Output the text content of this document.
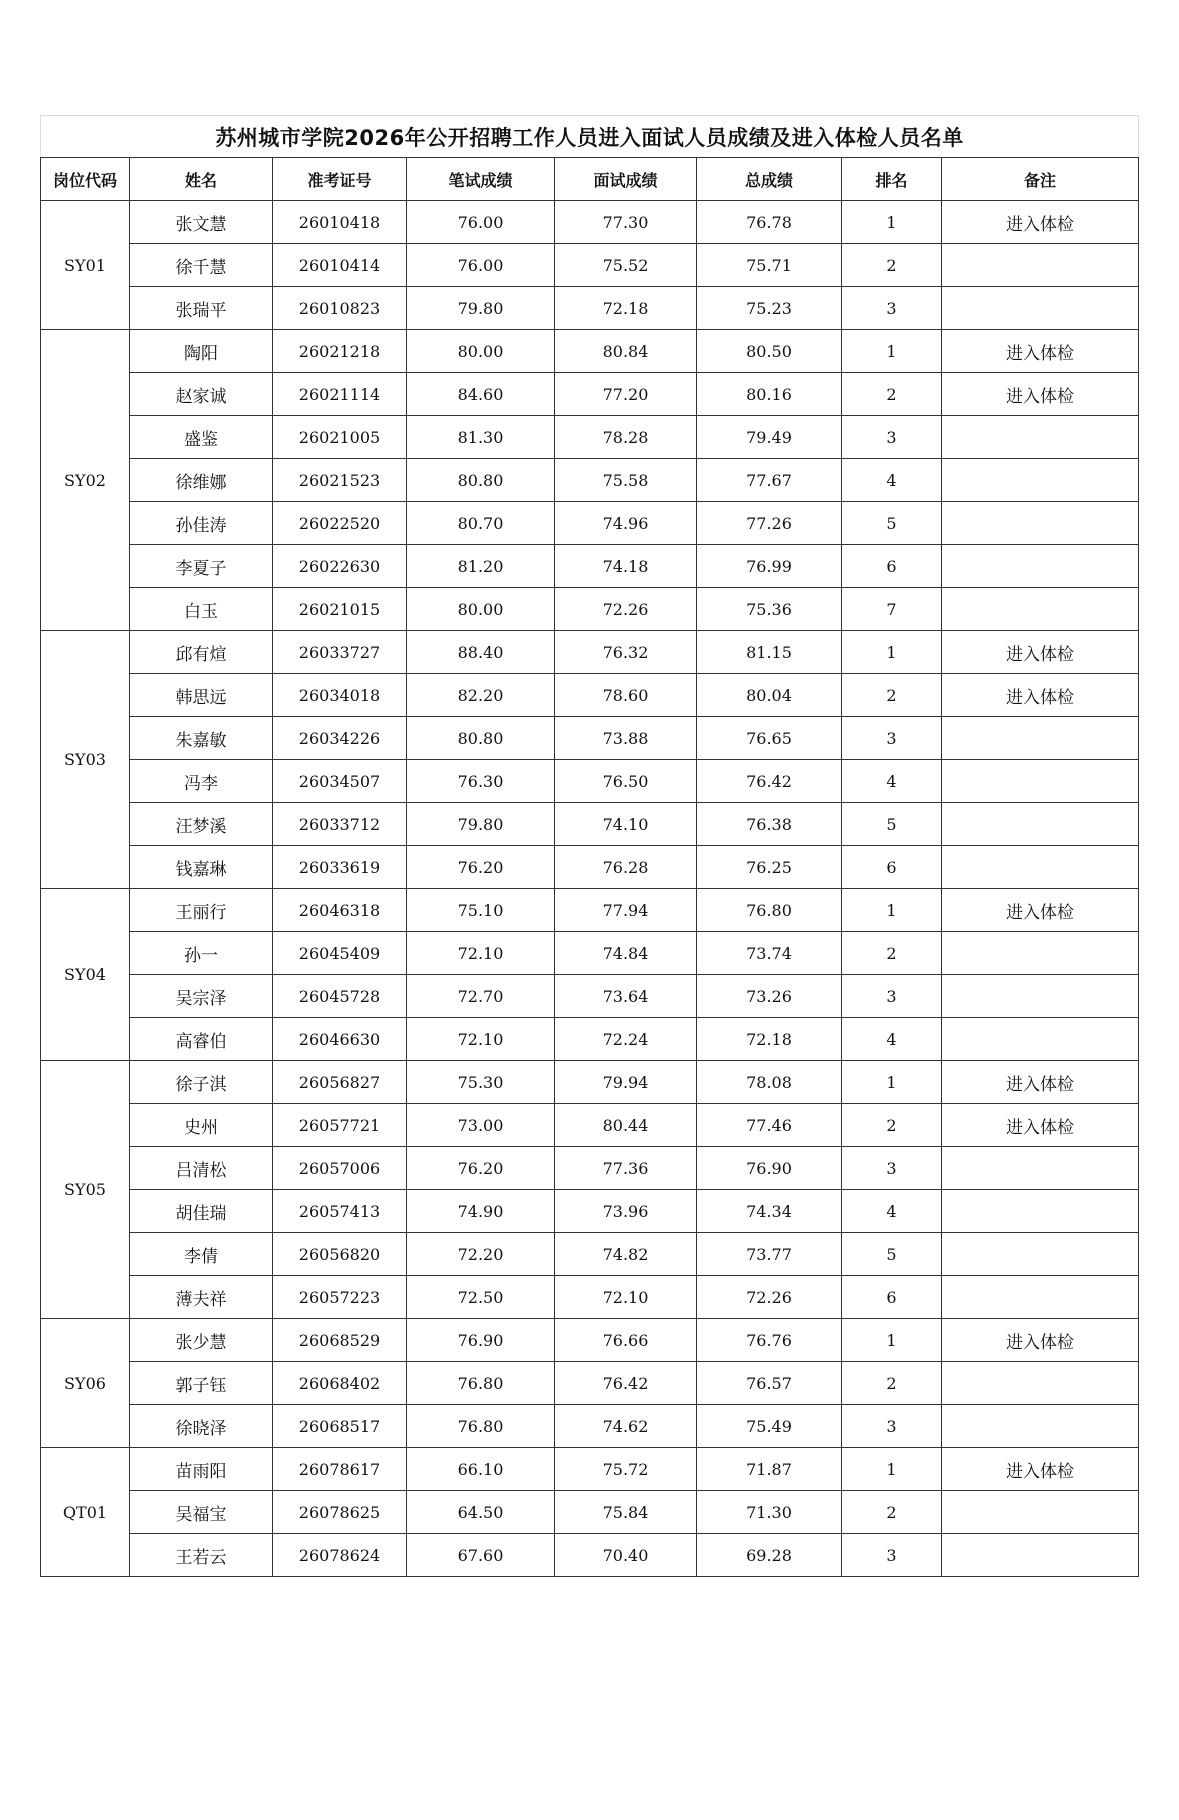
苏州城市学院2026年公开招聘工作人员进入面试人员成绩及进入体检人员名单							
岗位代码	姓名	准考证号	笔试成绩	面试成绩	总成绩	排名	备注
SY01	张文慧	26010418	76.00	77.30	76.78	1	进入体检
	徐千慧	26010414	76.00	75.52	75.71	2	
	张瑞平	26010823	79.80	72.18	75.23	3	
SY02	陶阳	26021218	80.00	80.84	80.50	1	进入体检
	赵家诚	26021114	84.60	77.20	80.16	2	进入体检
	盛鉴	26021005	81.30	78.28	79.49	3	
	徐维娜	26021523	80.80	75.58	77.67	4	
	孙佳涛	26022520	80.70	74.96	77.26	5	
	李夏子	26022630	81.20	74.18	76.99	6	
	白玉	26021015	80.00	72.26	75.36	7	
SY03	邱有煊	26033727	88.40	76.32	81.15	1	进入体检
	韩思远	26034018	82.20	78.60	80.04	2	进入体检
	朱嘉敏	26034226	80.80	73.88	76.65	3	
	冯李	26034507	76.30	76.50	76.42	4	
	汪梦溪	26033712	79.80	74.10	76.38	5	
	钱嘉琳	26033619	76.20	76.28	76.25	6	
SY04	王丽行	26046318	75.10	77.94	76.80	1	进入体检
	孙一	26045409	72.10	74.84	73.74	2	
	吴宗泽	26045728	72.70	73.64	73.26	3	
	高睿伯	26046630	72.10	72.24	72.18	4	
SY05	徐子淇	26056827	75.30	79.94	78.08	1	进入体检
	史州	26057721	73.00	80.44	77.46	2	进入体检
	吕清松	26057006	76.20	77.36	76.90	3	
	胡佳瑞	26057413	74.90	73.96	74.34	4	
	李倩	26056820	72.20	74.82	73.77	5	
	薄夫祥	26057223	72.50	72.10	72.26	6	
SY06	张少慧	26068529	76.90	76.66	76.76	1	进入体检
	郭子钰	26068402	76.80	76.42	76.57	2	
	徐晓泽	26068517	76.80	74.62	75.49	3	
QT01	苗雨阳	26078617	66.10	75.72	71.87	1	进入体检
	吴福宝	26078625	64.50	75.84	71.30	2	
	王若云	26078624	67.60	70.40	69.28	3	
